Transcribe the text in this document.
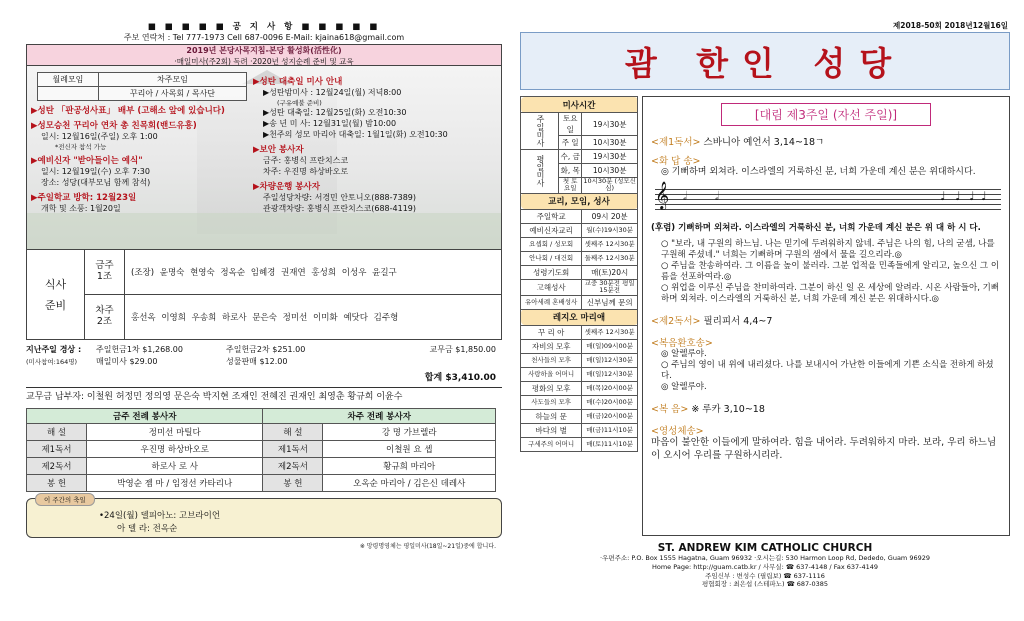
■ ■ ■ ■ ■ 공 지 사 항 ■ ■ ■ ■ ■
주보 연락처 : Tel 777-1973 Cell 687-0096 E-Mail: kjaina618@gmail.com
2019년 본당사목지침-본당 활성화(活性化)
·매일미사(주2회) 독려 ·2020년 성지순례 준비 및 교육
월례모임	차주모임
	꾸리아 / 사목회 / 목사단
▶성탄 「판공성사표」 배부 (고해소 앞에 있습니다)
▶성모승천 꾸리아 연차 총 친목회(밴드유흥)
일시: 12월16일(주일) 오후 1:00
*전신자 참석 가능
▶예비신자 "받아들이는 예식"
일시: 12월19일(수) 오후 7:30
장소: 성당(대부모님 함께 참석)
▶주일학교 방학: 12월23일
개학 및 소풍: 1월20일
▶성탄 대축일 미사 안내
▶성탄밤미사 : 12월24일(월) 저녁8:00
(구유예불 준비)
▶성탄 대축일: 12월25일(화) 오전10:30
▶송 년 미 사: 12월31일(월) 밤10:00
▶천주의 성모 마리아 대축일: 1월1일(화) 오전10:30
▶보안 봉사자
금주: 홍병식 프란치스코
차주: 우진명 하상바오로
▶차량운행 봉사자
주일성당차량: 서경민 안토니오(888-7389)
관광객차량: 홍병식 프란치스코(688-4119)
식사
준비
금주
1조	(조장) 윤명숙 현영숙 정옥순 임혜경 권재연 홍성희 이성우 윤길구
차주
2조	홍선옥 이영희 우송희 하로사 문은숙 정미선 이미화 예닷다 김주형
지난주일 경상 :	주일헌금1차 $1,268.00	주일헌금2차 $251.00	교무금 $1,850.00
(미사참여:164명)	매일미사 $29.00	성물판매 $12.00
합계 $3,410.00
교무금 납부자: 이철원 허정민 정의영 문은숙 박지현 조재인 전혜진 권재인 최영춘 황규희 이윤수
금주 전례 봉사자		차주 전례 봉사자	
해 설	정미선 마틸다	해 설	강 명 가브렐라
제1독서	우진명 하상바오로	제1독서	이철원 요 셉
제2독서	하로사 로 사	제2독서	황규희 마리아
봉 헌	박영순 젬 마 / 임정선 카타리나	봉 헌	오옥순 마리아 / 김은신 데레사
이 주간의 축일
•24일(월) 델피아노: 고브라이언
아 델 라: 전옥순
※ 망령명영체는 평일미사(18일~21일)중에 합니다.
제2018-50회 2018년12월16일
괌 한인 성당
미사시간		
주일미사	토요일	19시30분
	주 일	10시30분
평일미사	수, 금	19시30분
	화, 목	10시30분
	첫 토요일	10시30분 (성모신심)
교리, 모임, 성사		
주일학교		09시 20분
예비신자교리		월(수)19시30분
요셉회 / 성모회		셋째주 12시30분
안나회 / 대건회		둘째주 12시30분
성령기도회		매(토)20시
고해성사		교중 30분전 평일 15분전
유아세례 혼배성사		신부님께 문의
레지오 마리애		
꾸 리 아		셋째주 12시30분
자비의 모후		매(일)09시00분
천사들의 모후		매(일)12시30분
사랑하올 어머니		매(일)12시30분
평화의 모후		매(목)20시00분
사도들의 모후		매(수)20시00분
하늘의 문		매(금)20시00분
바다의 별		매(금)11시10분
구세주의 어머니		매(토)11시10분
[대림 제3주일 (자선 주일)]
<제1독서> 스바니아 예언서 3,14~18ㄱ
<화 답 송>
◎ 기뻐하며 외쳐라. 이스라엘의 거룩하신 분, 너희 가운데 계신 분은 위대하시다.
𝄞 𝅗𝅥 𝅗𝅥	♩ ♩ ♩ ♩
(후렴) 기뻐하며 외쳐라. 이스라엘의 거룩하신 분, 너희 가운데 계신 분은 위 대 하 시 다.
○ "보라, 내 구원의 하느님. 나는 믿기에 두려워하지 않네. 주님은 나의 힘, 나의 굳셈, 나를 구원해 주셨네." 너희는 기뻐하며 구원의 샘에서 물을 길으리라.◎
○ 주님을 찬송하여라. 그 이름을 높이 불러라. 그분 업적을 민족들에게 알리고, 높으신 그 이름을 선포하여라.◎
○ 위업을 이루신 주님을 찬미하여라. 그분이 하신 일 온 세상에 알려라. 시온 사람들아, 기뻐하며 외쳐라. 이스라엘의 거룩하신 분, 너희 가운데 계신 분은 위대하시다.◎
<제2독서> 필리피서 4,4~7
<복음환호송>
◎ 알렐루야.
○ 주님의 영이 내 위에 내리셨다. 나를 보내시어 가난한 이들에게 기쁜 소식을 전하게 하셨다.
◎ 알렐루야.
<복 음> ※ 루카 3,10~18
<영성체송>
마음이 불안한 이들에게 말하여라. 힘을 내어라. 두려워하지 마라. 보라, 우리 하느님이 오시어 우리를 구원하시리라.
ST. ANDREW KIM CATHOLIC CHURCH
·우편주소: P.O. Box 1555 Hagatna, Guam 96932 ·오시는길: 530 Harmon Loop Rd, Dededo, Guam 96929
Home Page: http://guam.catb.kr / 사무실: ☎ 637-4148 / Fax 637-4149
주임신부 : 변성수 (필립보) ☎ 637-1116
평협회장 : 최은섭 (스테파노) ☎ 687-0385
